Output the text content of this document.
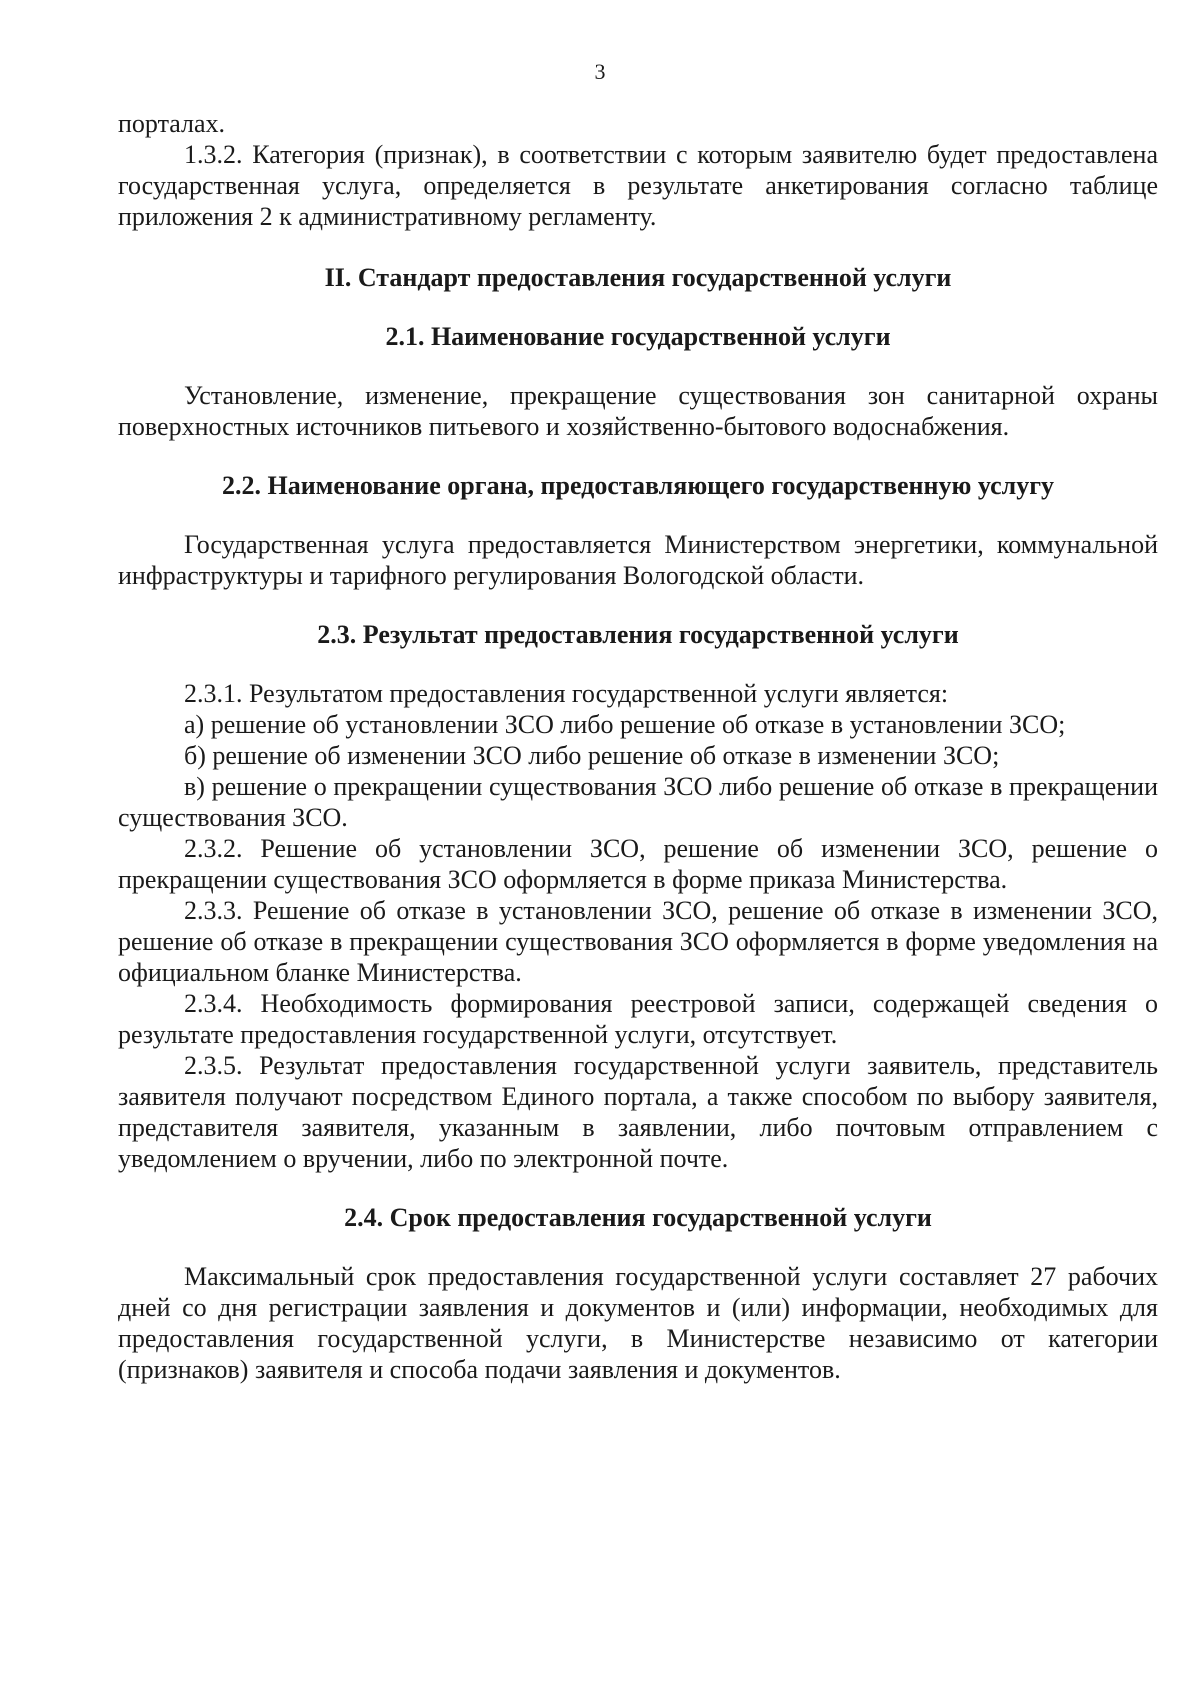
3

порталах.

1.3.2. Категория (признак), в соответствии с которым заявителю будет предоставлена государственная услуга, определяется в результате анкетирования согласно таблице приложения 2 к административному регламенту.

II. Стандарт предоставления государственной услуги

2.1. Наименование государственной услуги

Установление, изменение, прекращение существования зон санитарной охраны поверхностных источников питьевого и хозяйственно-бытового водоснабжения.

2.2. Наименование органа, предоставляющего государственную услугу

Государственная услуга предоставляется Министерством энергетики, коммунальной инфраструктуры и тарифного регулирования Вологодской области.

2.3. Результат предоставления государственной услуги

2.3.1. Результатом предоставления государственной услуги является:

а) решение об установлении ЗСО либо решение об отказе в установлении ЗСО;

б) решение об изменении ЗСО либо решение об отказе в изменении ЗСО;

в) решение о прекращении существования ЗСО либо решение об отказе в прекращении существования ЗСО.

2.3.2. Решение об установлении ЗСО, решение об изменении ЗСО, решение о прекращении существования ЗСО оформляется в форме приказа Министерства.

2.3.3. Решение об отказе в установлении ЗСО, решение об отказе в изменении ЗСО, решение об отказе в прекращении существования ЗСО оформляется в форме уведомления на официальном бланке Министерства.

2.3.4. Необходимость формирования реестровой записи, содержащей сведения о результате предоставления государственной услуги, отсутствует.

2.3.5. Результат предоставления государственной услуги заявитель, представитель заявителя получают посредством Единого портала, а также способом по выбору заявителя, представителя заявителя, указанным в заявлении, либо почтовым отправлением с уведомлением о вручении, либо по электронной почте.

2.4. Срок предоставления государственной услуги

Максимальный срок предоставления государственной услуги составляет 27 рабочих дней со дня регистрации заявления и документов и (или) информации, необходимых для предоставления государственной услуги, в Министерстве независимо от категории (признаков) заявителя и способа подачи заявления и документов.
